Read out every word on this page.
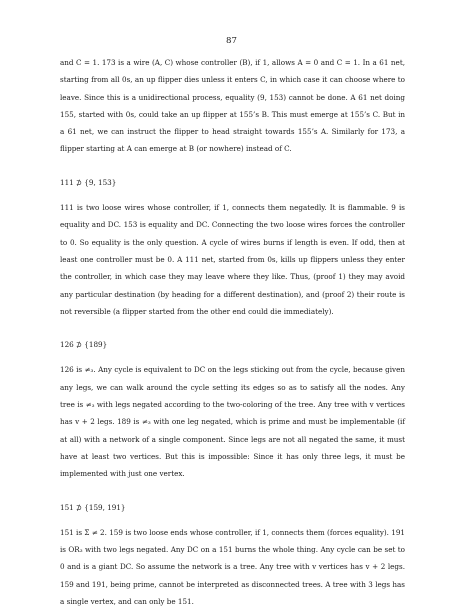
87

and C = 1. 173 is a wire (A, C) whose controller (B), if 1, allows A = 0 and C = 1. In a 61 net, starting from all 0s, an up flipper dies unless it enters C, in which case it can choose where to leave. Since this is a unidirectional process, equality (9, 153) cannot be done. A 61 net doing 155, started with 0s, could take an up flipper at 155’s B. This must emerge at 155’s C. But in a 61 net, we can instruct the flipper to head straight towards 155’s A. Similarly for 173, a flipper starting at A can emerge at B (or nowhere) instead of C.

111 ⊅ {9, 153}

111 is two loose wires whose controller, if 1, connects them negatedly. It is flammable. 9 is equality and DC. 153 is equality and DC. Connecting the two loose wires forces the controller to 0. So equality is the only question. A cycle of wires burns if length is even. If odd, then at least one controller must be 0. A 111 net, started from 0s, kills up flippers unless they enter the controller, in which case they may leave where they like. Thus, (proof 1) they may avoid any particular destination (by heading for a different destination), and (proof 2) their route is not reversible (a flipper started from the other end could die immediately).

126 ⊅ {189}

126 is ≠₃. Any cycle is equivalent to DC on the legs sticking out from the cycle, because given any legs, we can walk around the cycle setting its edges so as to satisfy all the nodes. Any tree is ≠₃ with legs negated according to the two-coloring of the tree. Any tree with v vertices has v + 2 legs. 189 is ≠₃ with one leg negated, which is prime and must be implementable (if at all) with a network of a single component. Since legs are not all negated the same, it must have at least two vertices. But this is impossible: Since it has only three legs, it must be implemented with just one vertex.

151 ⊅ {159, 191}

151 is Σ ≠ 2. 159 is two loose ends whose controller, if 1, connects them (forces equality). 191 is OR₃ with two legs negated. Any DC on a 151 burns the whole thing. Any cycle can be set to 0 and is a giant DC. So assume the network is a tree. Any tree with v vertices has v + 2 legs. 159 and 191, being prime, cannot be interpreted as disconnected trees. A tree with 3 legs has a single vertex, and can only be 151.
